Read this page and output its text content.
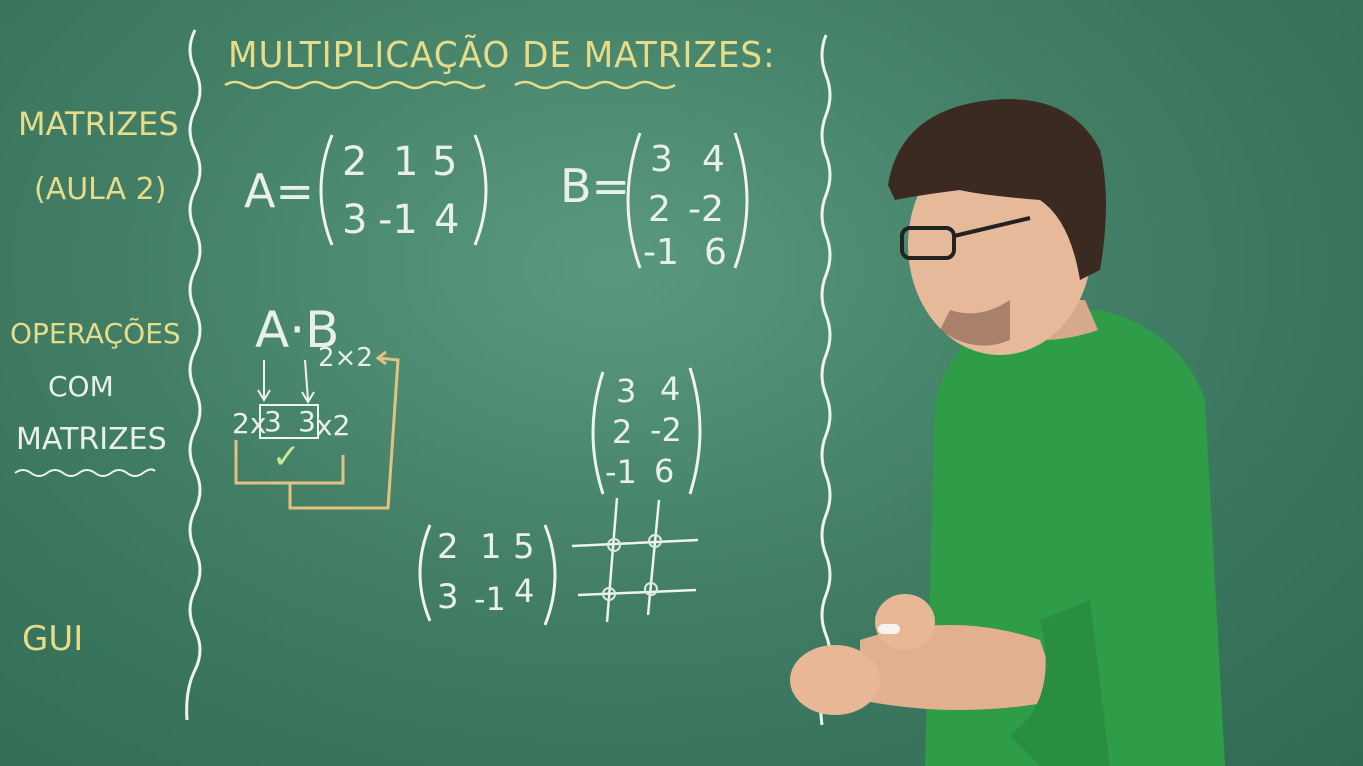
MULTIPLICAÇÃO DE MATRIZES:
MATRIZES
(AULA 2)
OPERAÇÕES
COM
MATRIZES
GUI
A=
2 1 5
3 -1 4
B= 3 4
2 -2
-1 6
A·B
2×2
2x
3 3 x2
✓
3 4
2 -2
-1 6
2 1 5
3 -1 4
